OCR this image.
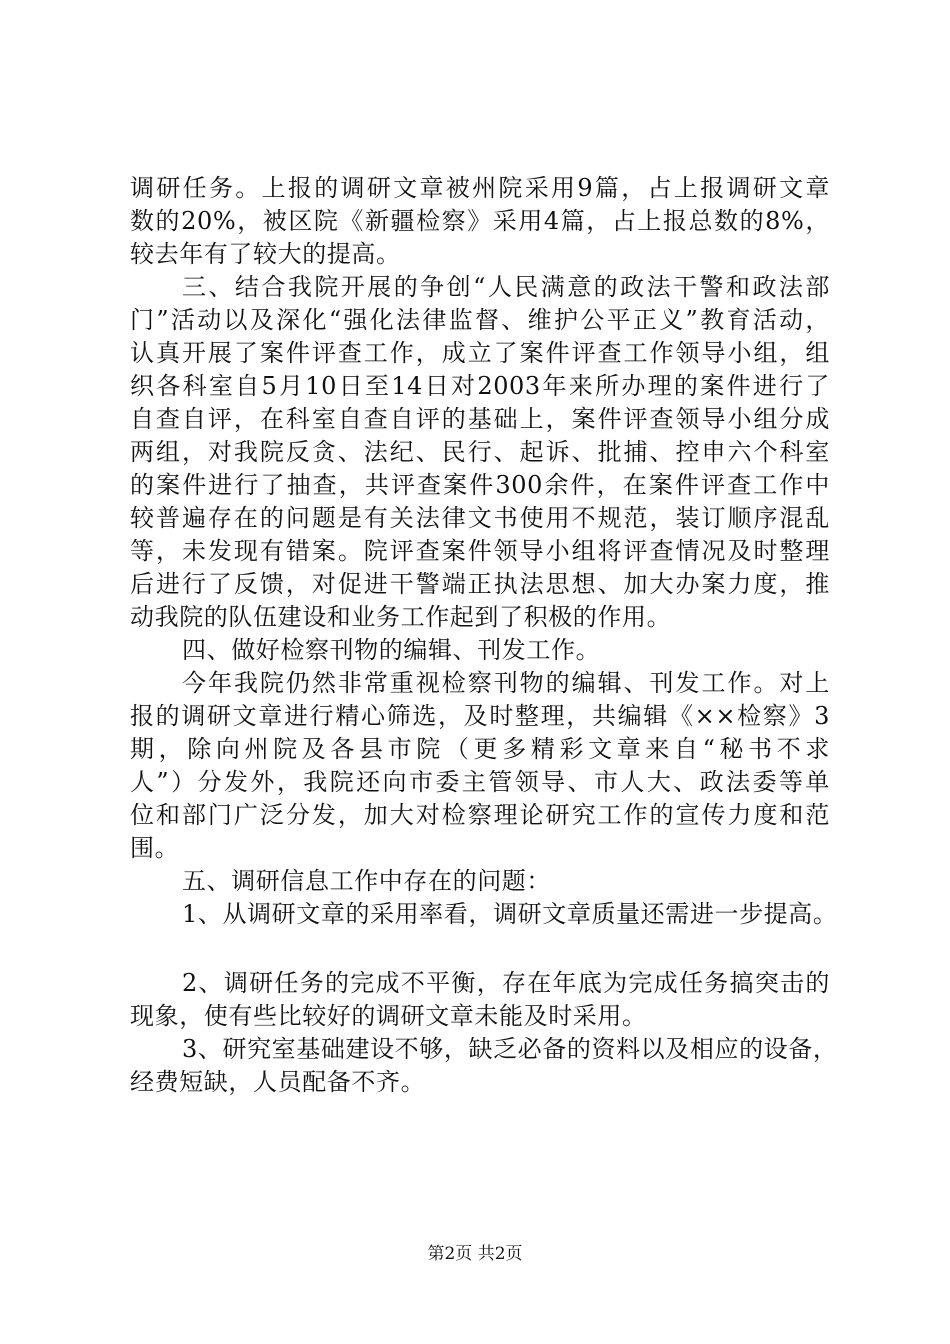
调研任务。上报的调研文章被州院采用9篇，占上报调研文章
数的20%，被区院《新疆检察》采用4篇，占上报总数的8%，
较去年有了较大的提高。
三、结合我院开展的争创“人民满意的政法干警和政法部
门”活动以及深化“强化法律监督、维护公平正义”教育活动，
认真开展了案件评查工作，成立了案件评查工作领导小组，组
织各科室自5月10日至14日对2003年来所办理的案件进行了
自查自评，在科室自查自评的基础上，案件评查领导小组分成
两组，对我院反贪、法纪、民行、起诉、批捕、控申六个科室
的案件进行了抽查，共评查案件300余件，在案件评查工作中
较普遍存在的问题是有关法律文书使用不规范，装订顺序混乱
等，未发现有错案。院评查案件领导小组将评查情况及时整理
后进行了反馈，对促进干警端正执法思想、加大办案力度，推
动我院的队伍建设和业务工作起到了积极的作用。
四、做好检察刊物的编辑、刊发工作。
今年我院仍然非常重视检察刊物的编辑、刊发工作。对上
报的调研文章进行精心筛选，及时整理，共编辑《××检察》3
期，除向州院及各县市院（更多精彩文章来自“秘书不求
人”）分发外，我院还向市委主管领导、市人大、政法委等单
位和部门广泛分发，加大对检察理论研究工作的宣传力度和范
围。
五、调研信息工作中存在的问题：
1、从调研文章的采用率看，调研文章质量还需进一步提高。
2、调研任务的完成不平衡，存在年底为完成任务搞突击的
现象，使有些比较好的调研文章未能及时采用。
3、研究室基础建设不够，缺乏必备的资料以及相应的设备，
经费短缺，人员配备不齐。
第2页 共2页
